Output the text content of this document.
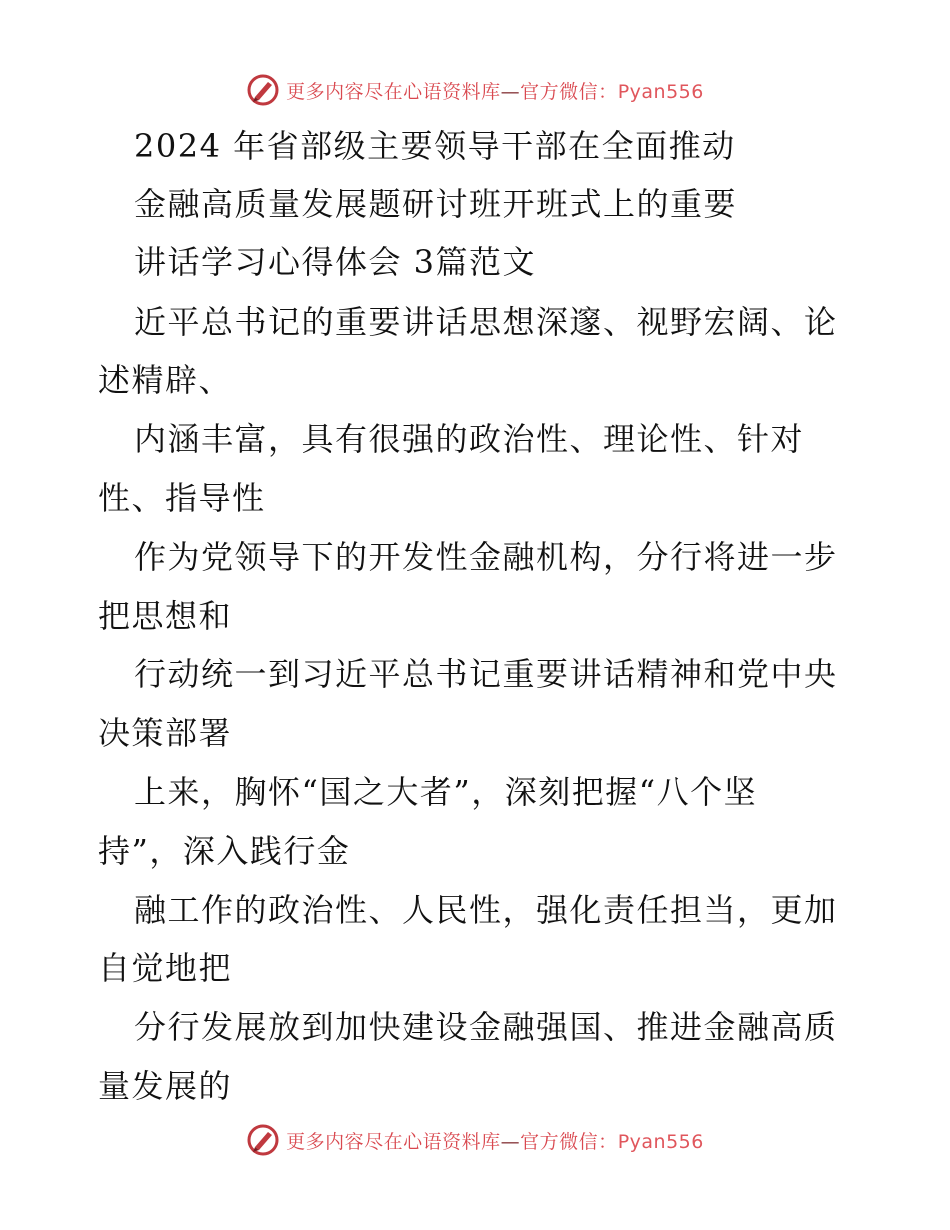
更多内容尽在心语资料库—官方微信：Pyan556
2024 年省部级主要领导干部在全面推动
金融高质量发展题研讨班开班式上的重要
讲话学习心得体会 3篇范文
近平总书记的重要讲话思想深邃、视野宏阔、论
述精辟、
内涵丰富，具有很强的政治性、理论性、针对
性、指导性
作为党领导下的开发性金融机构，分行将进一步
把思想和
行动统一到习近平总书记重要讲话精神和党中央
决策部署
上来，胸怀“国之大者”，深刻把握“八个坚
持”，深入践行金
融工作的政治性、人民性，强化责任担当，更加
自觉地把
分行发展放到加快建设金融强国、推进金融高质
量发展的
更多内容尽在心语资料库—官方微信：Pyan556
